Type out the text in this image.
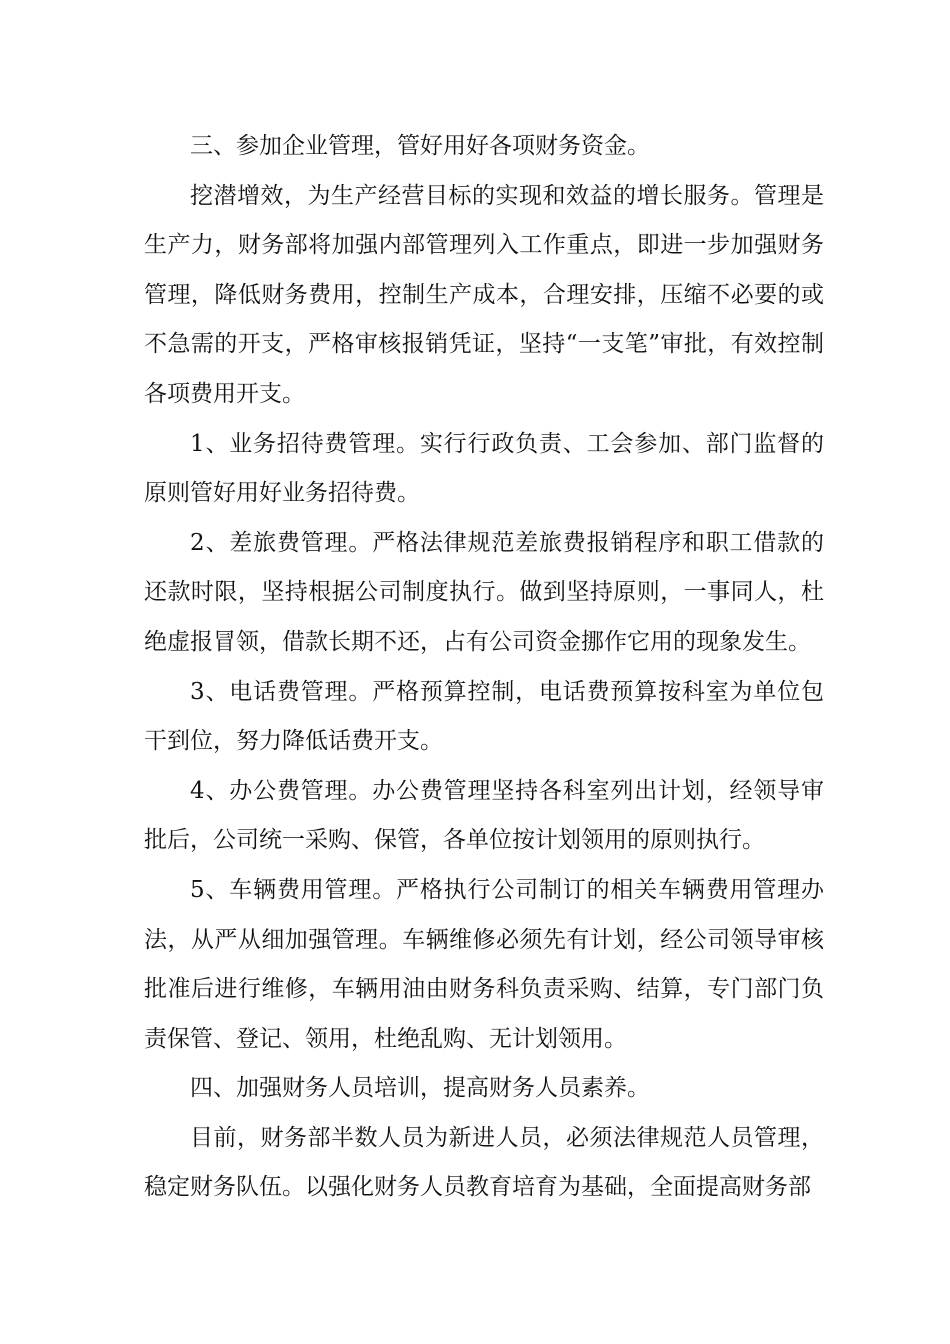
三、参加企业管理，管好用好各项财务资金。

挖潜增效，为生产经营目标的实现和效益的增长服务。管理是生产力，财务部将加强内部管理列入工作重点，即进一步加强财务管理，降低财务费用，控制生产成本，合理安排，压缩不必要的或不急需的开支，严格审核报销凭证，坚持“一支笔”审批，有效控制各项费用开支。

1、业务招待费管理。实行行政负责、工会参加、部门监督的原则管好用好业务招待费。

2、差旅费管理。严格法律规范差旅费报销程序和职工借款的还款时限，坚持根据公司制度执行。做到坚持原则，一事同人，杜绝虚报冒领，借款长期不还，占有公司资金挪作它用的现象发生。

3、电话费管理。严格预算控制，电话费预算按科室为单位包干到位，努力降低话费开支。

4、办公费管理。办公费管理坚持各科室列出计划，经领导审批后，公司统一采购、保管，各单位按计划领用的原则执行。

5、车辆费用管理。严格执行公司制订的相关车辆费用管理办法，从严从细加强管理。车辆维修必须先有计划，经公司领导审核批准后进行维修，车辆用油由财务科负责采购、结算，专门部门负责保管、登记、领用，杜绝乱购、无计划领用。

四、加强财务人员培训，提高财务人员素养。

目前，财务部半数人员为新进人员，必须法律规范人员管理，稳定财务队伍。以强化财务人员教育培育为基础，全面提高财务部
